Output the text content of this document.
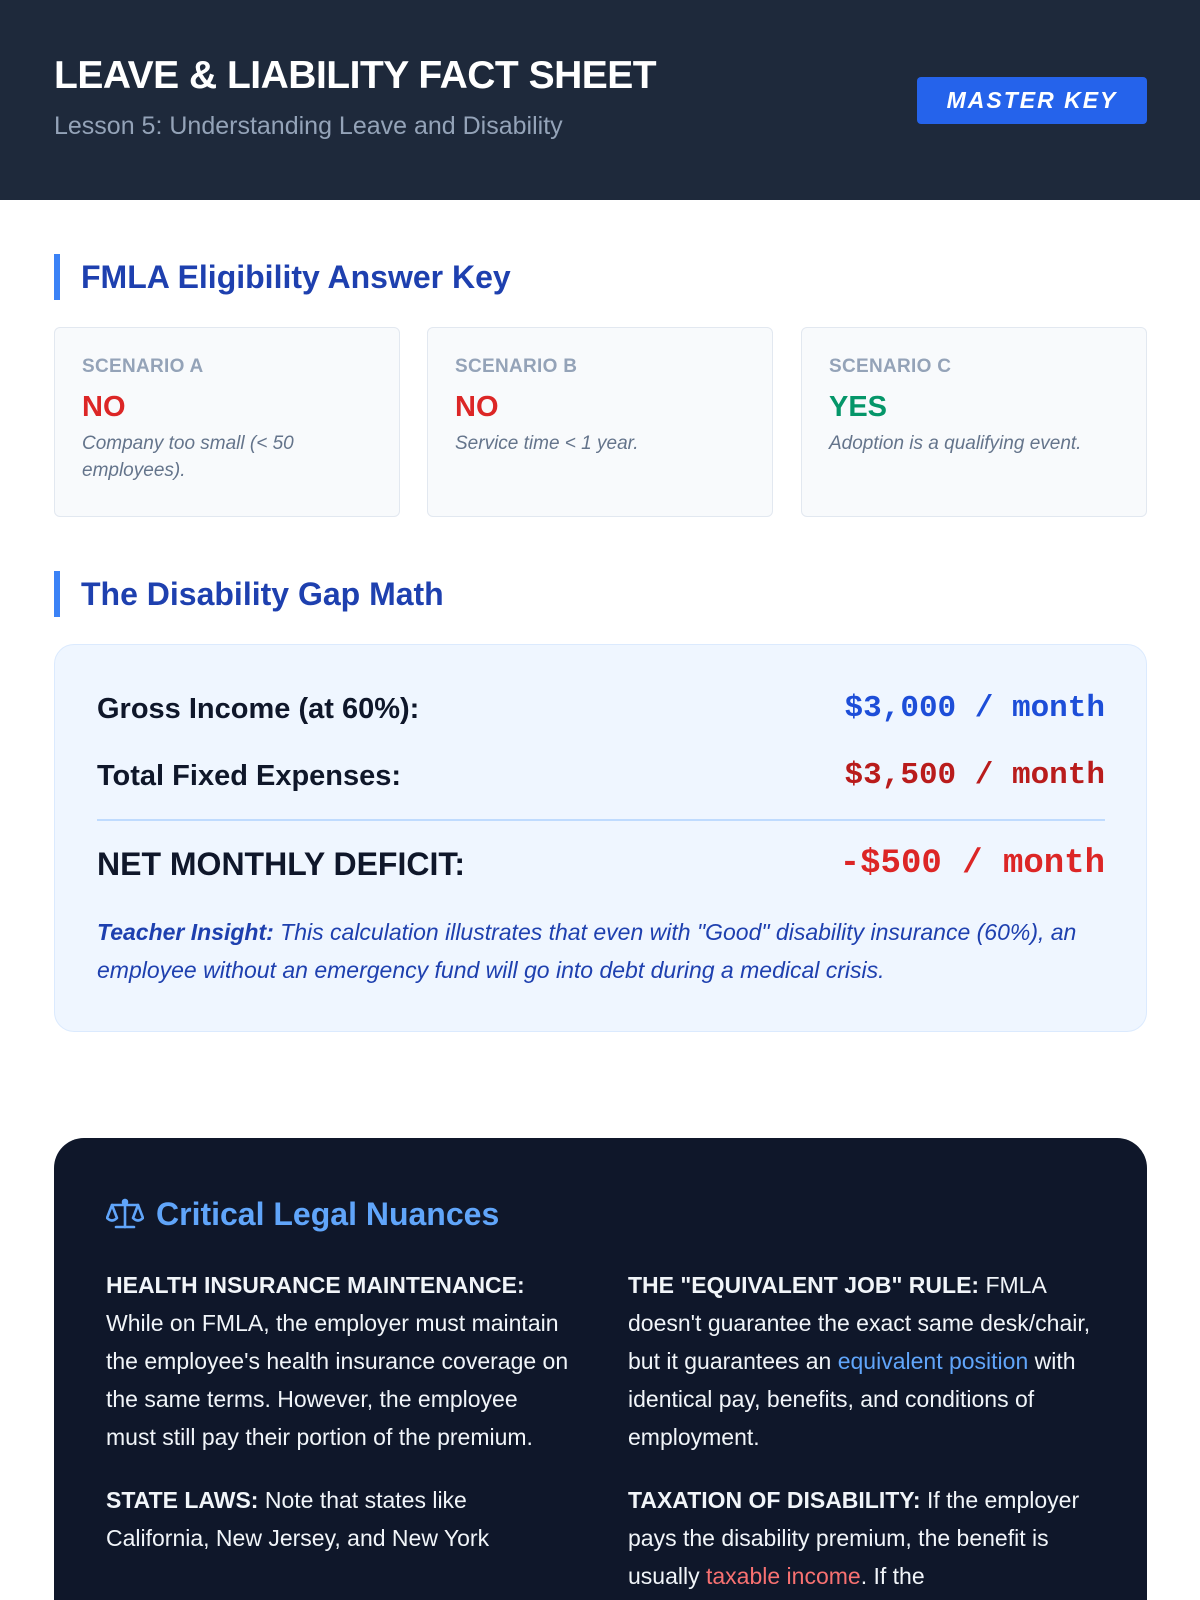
LEAVE & LIABILITY FACT SHEET
Lesson 5: Understanding Leave and Disability
MASTER KEY
FMLA Eligibility Answer Key
SCENARIO A
NO
Company too small (< 50 employees).
SCENARIO B
NO
Service time < 1 year.
SCENARIO C
YES
Adoption is a qualifying event.
The Disability Gap Math
Gross Income (at 60%):	$3,000 / month
Total Fixed Expenses:	$3,500 / month
NET MONTHLY DEFICIT:	-$500 / month
Teacher Insight: This calculation illustrates that even with "Good" disability insurance (60%), an employee without an emergency fund will go into debt during a medical crisis.
Critical Legal Nuances

HEALTH INSURANCE MAINTENANCE:
While on FMLA, the employer must maintain the employee's health insurance coverage on the same terms. However, the employee must still pay their portion of the premium.

STATE LAWS: Note that states like California, New Jersey, and New York

THE "EQUIVALENT JOB" RULE: FMLA doesn't guarantee the exact same desk/chair, but it guarantees an equivalent position with identical pay, benefits, and conditions of employment.

TAXATION OF DISABILITY: If the employer pays the disability premium, the benefit is usually taxable income. If the
